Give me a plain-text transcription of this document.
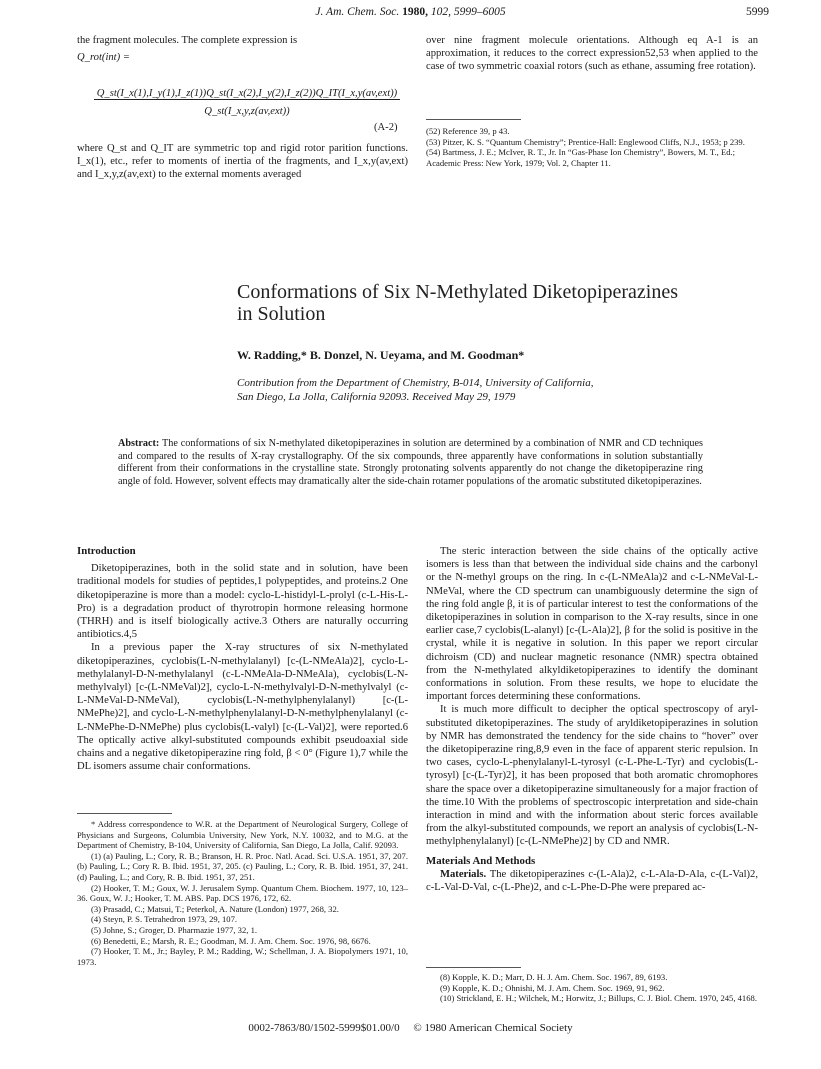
J. Am. Chem. Soc. 1980, 102, 5999–6005	5999
the fragment molecules. The complete expression is
Q_rot(int) =
Q_st(I_x(1),I_y(1),I_z(1))Q_st(I_x(2),I_y(2),I_z(2))Q_IT(I_x,y(av,ext))
Q_st(I_x,y,z(av,ext))
(A-2)
where Q_st and Q_IT are symmetric top and rigid rotor parition functions. I_x(1), etc., refer to moments of inertia of the fragments, and I_x,y(av,ext) and I_x,y,z(av,ext) to the external moments averaged
over nine fragment molecule orientations. Although eq A-1 is an approximation, it reduces to the correct expression52,53 when applied to the case of two symmetric coaxial rotors (such as ethane, assuming free rotation).

(52) Reference 39, p 43.

(53) Pitzer, K. S. “Quantum Chemistry”; Prentice-Hall: Englewood Cliffs, N.J., 1953; p 239.

(54) Bartmess, J. E.; McIver, R. T., Jr. In “Gas-Phase Ion Chemistry”, Bowers, M. T., Ed.; Academic Press: New York, 1979; Vol. 2, Chapter 11.

Conformations of Six N-Methylated Diketopiperazines in Solution
W. Radding,* B. Donzel, N. Ueyama, and M. Goodman*
Contribution from the Department of Chemistry, B-014, University of California,
San Diego, La Jolla, California 92093. Received May 29, 1979
Abstract: The conformations of six N-methylated diketopiperazines in solution are determined by a combination of NMR and CD techniques and compared to the results of X-ray crystallography. Of the six compounds, three apparently have conformations in solution substantially different from their conformations in the crystalline state. Strongly protonating solvents apparently do not change the diketopiperazine ring angle of fold. However, solvent effects may dramatically alter the side-chain rotamer populations of the aromatic substituted diketopiperazines.
Introduction

Diketopiperazines, both in the solid state and in solution, have been traditional models for studies of peptides,1 polypeptides, and proteins.2 One diketopiperazine is more than a model: cyclo-L-histidyl-L-prolyl (c-L-His-L-Pro) is a degradation product of thyrotropin hormone releasing hormone (THRH) and is itself biologically active.3 Others are naturally occurring antibiotics.4,5

In a previous paper the X-ray structures of six N-methylated diketopiperazines, cyclobis(L-N-methylalanyl) [c-(L-NMeAla)2], cyclo-L-methylalanyl-D-N-methylalanyl (c-L-NMeAla-D-NMeAla), cyclobis(L-N-methylvalyl) [c-(L-NMeVal)2], cyclo-L-N-methylvalyl-D-N-methylvalyl (c-L-NMeVal-D-NMeVal), cyclobis(L-N-methylphenylalanyl) [c-(L-NMePhe)2], and cyclo-L-N-methylphenylalanyl-D-N-methylphenylalanyl (c-L-NMePhe-D-NMePhe) plus cyclobis(L-valyl) [c-(L-Val)2], were reported.6 The optically active alkyl-substituted compounds exhibit pseudoaxial side chains and a negative diketopiperazine ring fold, β < 0° (Figure 1),7 while the DL isomers assume chair conformations.

* Address correspondence to W.R. at the Department of Neurological Surgery, College of Physicians and Surgeons, Columbia University, New York, N.Y. 10032, and to M.G. at the Department of Chemistry, B-104, University of California, San Diego, La Jolla, Calif. 92093.

(1) (a) Pauling, L.; Cory, R. B.; Branson, H. R. Proc. Natl. Acad. Sci. U.S.A. 1951, 37, 207. (b) Pauling, L.; Cory R. B. Ibid. 1951, 37, 205. (c) Pauling, L.; Cory, R. B. Ibid. 1951, 37, 241. (d) Pauling, L.; and Cory, R. B. Ibid. 1951, 37, 251.

(2) Hooker, T. M.; Goux, W. J. Jerusalem Symp. Quantum Chem. Biochem. 1977, 10, 123–36. Goux, W. J.; Hooker, T. M. ABS. Pap. DCS 1976, 172, 62.

(3) Prasadd, C.; Matsui, T.; Peterkol, A. Nature (London) 1977, 268, 32.

(4) Steyn, P. S. Tetrahedron 1973, 29, 107.

(5) Johne, S.; Groger, D. Pharmazie 1977, 32, 1.

(6) Benedetti, E.; Marsh, R. E.; Goodman, M. J. Am. Chem. Soc. 1976, 98, 6676.

(7) Hooker, T. M., Jr.; Bayley, P. M.; Radding, W.; Schellman, J. A. Biopolymers 1971, 10, 1973.

The steric interaction between the side chains of the optically active isomers is less than that between the individual side chains and the carbonyl or the N-methyl groups on the ring. In c-(L-NMeAla)2 and c-L-NMeVal-L-NMeVal, where the CD spectrum can unambiguously determine the sign of the ring fold angle β, it is of particular interest to test the conformations of the diketopiperazines in solution in comparison to the X-ray results, since in one earlier case,7 cyclobis(L-alanyl) [c-(L-Ala)2], β for the solid is positive in the crystal, while it is negative in solution. In this paper we report circular dichroism (CD) and nuclear magnetic resonance (NMR) spectra obtained from the N-methylated alkyldiketopiperazines to identify the dominant conformations in solution. From these results, we hope to elucidate the important forces determining these conformations.

It is much more difficult to decipher the optical spectroscopy of aryl-substituted diketopiperazines. The study of aryldiketopiperazines in solution by NMR has demonstrated the tendency for the side chains to “hover” over the diketopiperazine ring,8,9 even in the face of apparent steric repulsion. In two cases, cyclo-L-phenylalanyl-L-tyrosyl (c-L-Phe-L-Tyr) and cyclobis(L-tyrosyl) [c-(L-Tyr)2], it has been proposed that both aromatic chromophores share the space over a diketopiperazine simultaneously for a major fraction of the time.10 With the problems of spectroscopic interpretation and side-chain interaction in mind and with the information about steric forces available from the alkyl-substituted compounds, we report an analysis of cyclobis(L-N-methylphenylalanyl) [c-(L-NMePhe)2] by CD and NMR.

Materials And Methods

Materials. The diketopiperazines c-(L-Ala)2, c-L-Ala-D-Ala, c-(L-Val)2, c-L-Val-D-Val, c-(L-Phe)2, and c-L-Phe-D-Phe were prepared ac-

(8) Kopple, K. D.; Marr, D. H. J. Am. Chem. Soc. 1967, 89, 6193.

(9) Kopple, K. D.; Ohnishi, M. J. Am. Chem. Soc. 1969, 91, 962.

(10) Strickland, E. H.; Wilchek, M.; Horwitz, J.; Billups, C. J. Biol. Chem. 1970, 245, 4168.

0002-7863/80/1502-5999$01.00/0 © 1980 American Chemical Society
